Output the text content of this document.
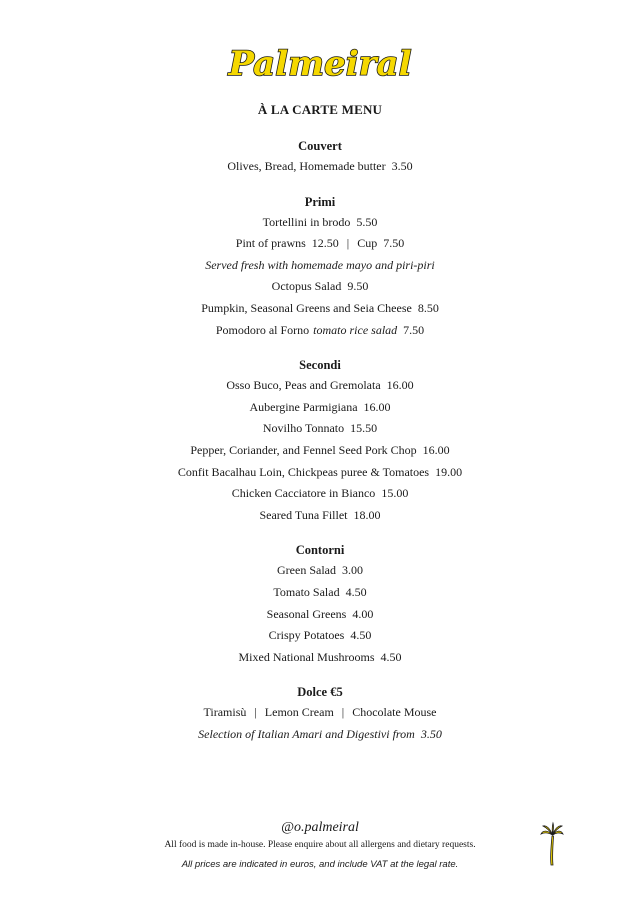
Palmeiral
À LA CARTE MENU
Couvert
Olives, Bread, Homemade butter 3.50
Primi
Tortellini in brodo 5.50
Pint of prawns 12.50 | Cup 7.50
Served fresh with homemade mayo and piri-piri
Octopus Salad 9.50
Pumpkin, Seasonal Greens and Seia Cheese 8.50
Pomodoro al Forno tomato rice salad 7.50
Secondi
Osso Buco, Peas and Gremolata 16.00
Aubergine Parmigiana 16.00
Novilho Tonnato 15.50
Pepper, Coriander, and Fennel Seed Pork Chop 16.00
Confit Bacalhau Loin, Chickpeas puree & Tomatoes 19.00
Chicken Cacciatore in Bianco 15.00
Seared Tuna Fillet 18.00
Contorni
Green Salad 3.00
Tomato Salad 4.50
Seasonal Greens 4.00
Crispy Potatoes 4.50
Mixed National Mushrooms 4.50
Dolce €5
Tiramisù | Lemon Cream | Chocolate Mouse
Selection of Italian Amari and Digestivi from 3.50
@o.palmeiral
All food is made in-house. Please enquire about all allergens and dietary requests.
All prices are indicated in euros, and include VAT at the legal rate.
